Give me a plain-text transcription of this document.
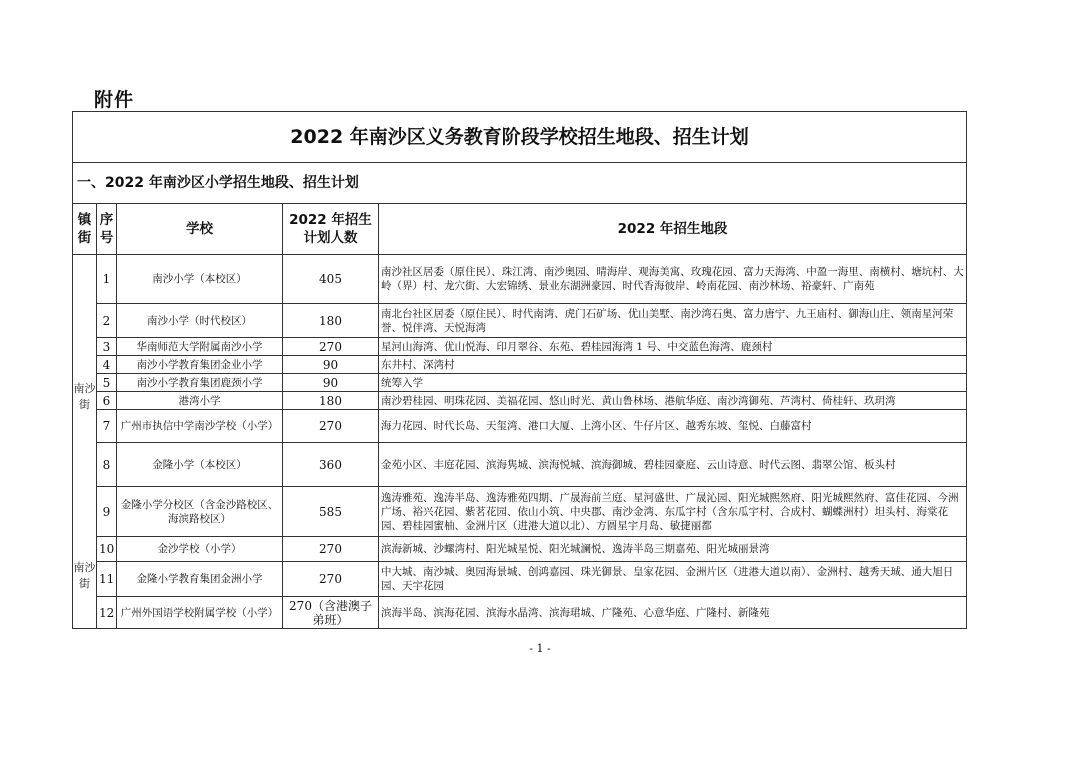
附件
2022 年南沙区义务教育阶段学校招生地段、招生计划				
一、2022 年南沙区小学招生地段、招生计划				
镇街	序号	学校	2022 年招生计划人数	2022 年招生地段

南沙街
南沙街	1	南沙小学（本校区）	405	南沙社区居委（原住民）、珠江湾、南沙奥园、晴海岸、观海美寓、玫瑰花园、富力天海湾、中盈一海里、南横村、塘坑村、大岭（界）村、龙穴街、大宏锦绣、景业东湖洲豪园、时代香海彼岸、岭南花园、南沙林场、裕豪轩、广南苑
	2	南沙小学（时代校区）	180	南北台社区居委（原住民）、时代南湾、虎门石矿场、优山美墅、南沙湾石奥、富力唐宁、九王庙村、御海山庄、领南星河荣誉、悦伴湾、天悦海湾
	3	华南师范大学附属南沙小学	270	星河山海湾、优山悦海、印月翠谷、东苑、碧桂园海湾 1 号、中交蓝色海湾、鹿颈村
	4	南沙小学教育集团金业小学	90	东井村、深湾村
	5	南沙小学教育集团鹿颈小学	90	统筹入学
	6	港湾小学	180	南沙碧桂园、明珠花园、美福花园、悠山时光、黄山鲁林场、港航华庭、南沙湾御苑、芦湾村、倚桂轩、玖玥湾
	7	广州市执信中学南沙学校（小学）	270	海力花园、时代长岛、天玺湾、港口大厦、上湾小区、牛仔片区、越秀东坡、玺悦、白藤富村
	8	金隆小学（本校区）	360	金苑小区、丰庭花园、滨海隽城、滨海悦城、滨海御城、碧桂园豪庭、云山诗意、时代云图、翡翠公馆、板头村
	9	金隆小学分校区（含金沙路校区、海滨路校区）	585	逸涛雅苑、逸涛半岛、逸涛雅苑四期、广晟海前兰庭、星河盛世、广晟沁园、阳光城熙然府、阳光城熙然府、富佳花园、今洲广场、裕兴花园、紫茗花园、依山小筑、中央郡、南沙金湾、东瓜宇村（含东瓜宇村、合成村、蝴蝶洲村）坦头村、海棠花园、碧桂园蜜柚、金洲片区（进港大道以北）、方圆星宇月岛、敏捷丽都
	10	金沙学校（小学）	270	滨海新城、沙螺湾村、阳光城星悦、阳光城澜悦、逸涛半岛三期嘉苑、阳光城丽景湾
	11	金隆小学教育集团金洲小学	270	中大城、南沙城、奥园海景城、创鸿嘉园、珠光御景、皇家花园、金洲片区（进港大道以南）、金洲村、越秀天珹、通大旭日园、天宇花园
	12	广州外国语学校附属学校（小学）	270（含港澳子弟班）	滨海半岛、滨海花园、滨海水晶湾、滨海珺城、广隆苑、心意华庭、广隆村、新隆苑
- 1 -
